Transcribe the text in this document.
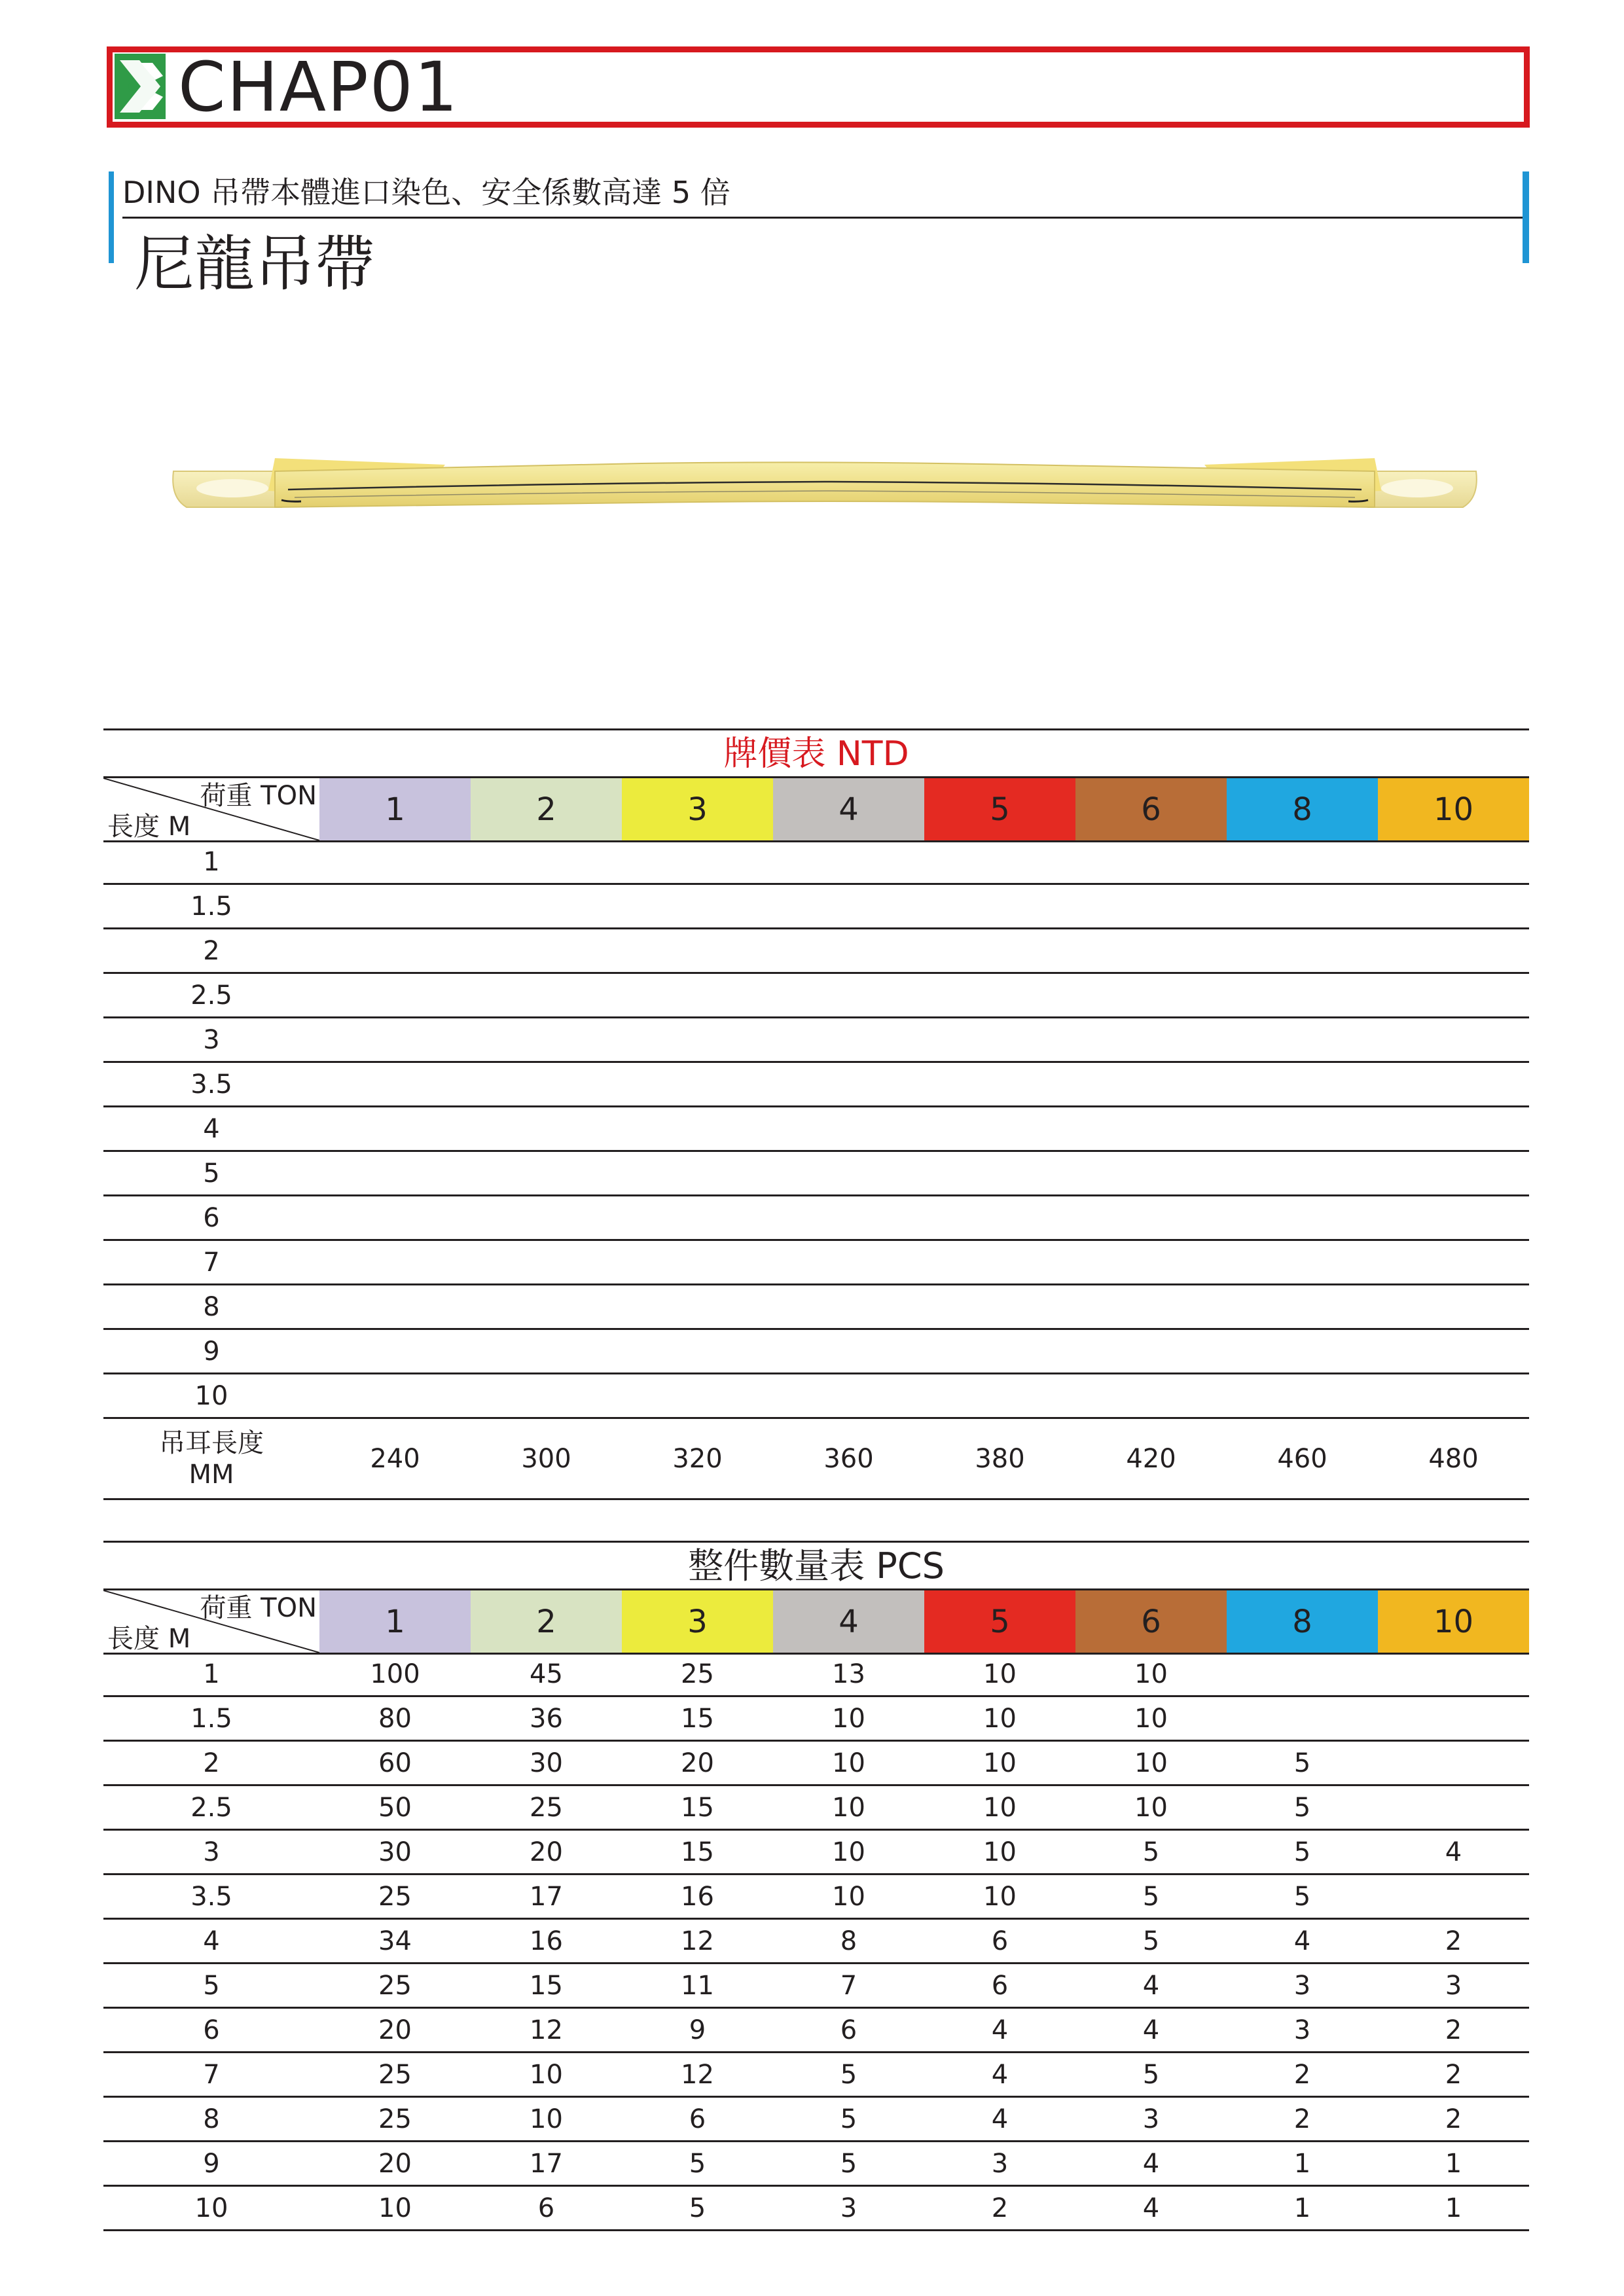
CHAP01
DINO 吊帶本體進口染色、安全係數高達 5 倍
尼龍吊帶
牌價表 NTD
荷重 TON
長度 M	1	2	3	4	5	6	8	10
1
1.5
2
2.5
3
3.5
4
5
6
7
8
9
10
吊耳長度
MM
240	300	320	360	380	420	460	480
整件數量表 PCS
荷重 TON
長度 M	1	2	3	4	5	6	8	10
1	100	45	25	13	10	10
1.5	80	36	15	10	10	10
2	60	30	20	10	10	10	5
2.5	50	25	15	10	10	10	5
3	30	20	15	10	10	5	5	4
3.5	25	17	16	10	10	5	5
4	34	16	12	8	6	5	4	2
5	25	15	11	7	6	4	3	3
6	20	12	9	6	4	4	3	2
7	25	10	12	5	4	5	2	2
8	25	10	6	5	4	3	2	2
9	20	17	5	5	3	4	1	1
10	10	6	5	3	2	4	1	1
